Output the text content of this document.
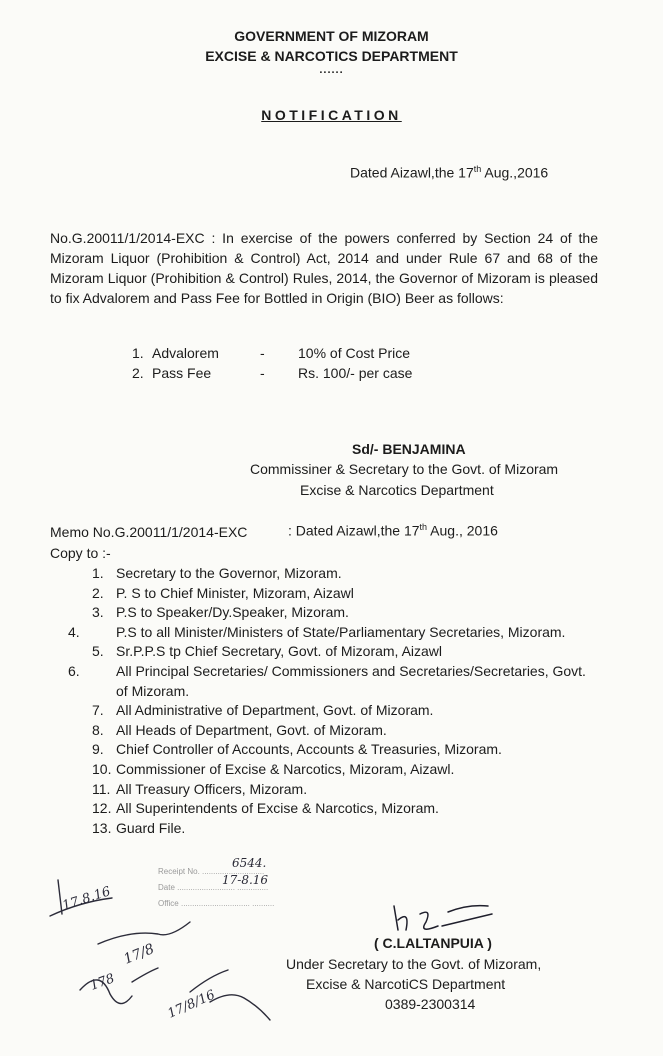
GOVERNMENT OF MIZORAM
EXCISE & NARCOTICS DEPARTMENT
......
NOTIFICATION
Dated Aizawl,the 17th Aug.,2016
No.G.20011/1/2014-EXC : In exercise of the powers conferred by Section 24 of the Mizoram Liquor (Prohibition & Control) Act, 2014 and under Rule 67 and 68 of the Mizoram Liquor (Prohibition & Control) Rules, 2014, the Governor of Mizoram is pleased to fix Advalorem and Pass Fee for Bottled in Origin (BIO) Beer as follows:
1. Advalorem	- 10% of Cost Price
2. Pass Fee	- Rs. 100/- per case
Sd/- BENJAMINA
Commissiner & Secretary to the Govt. of Mizoram
Excise & Narcotics Department
Memo No.G.20011/1/2014-EXC	: Dated Aizawl,the 17th Aug., 2016
Copy to :-
1. Secretary to the Governor, Mizoram.
2. P. S to Chief Minister, Mizoram, Aizawl
3. P.S to Speaker/Dy.Speaker, Mizoram.
4.	P.S to all Minister/Ministers of State/Parliamentary Secretaries, Mizoram.
5. Sr.P.P.S tp Chief Secretary, Govt. of Mizoram, Aizawl
6.	All Principal Secretaries/ Commissioners and Secretaries/Secretaries, Govt. of Mizoram.
7. All Administrative of Department, Govt. of Mizoram.
8. All Heads of Department, Govt. of Mizoram.
9. Chief Controller of Accounts, Accounts & Treasuries, Mizoram.
10. Commissioner of Excise & Narcotics, Mizoram, Aizawl.
11. All Treasury Officers, Mizoram.
12. All Superintendents of Excise & Narcotics, Mizoram.
13. Guard File.
Receipt No. ............................
Date .......................... ..............
Office ............................... ..........
6544.
17-8.16
17.8.16
17/8
178
17/8/16
( C.LALTANPUIA )
Under Secretary to the Govt. of Mizoram,
Excise & NarcotiCS Department
0389-2300314
